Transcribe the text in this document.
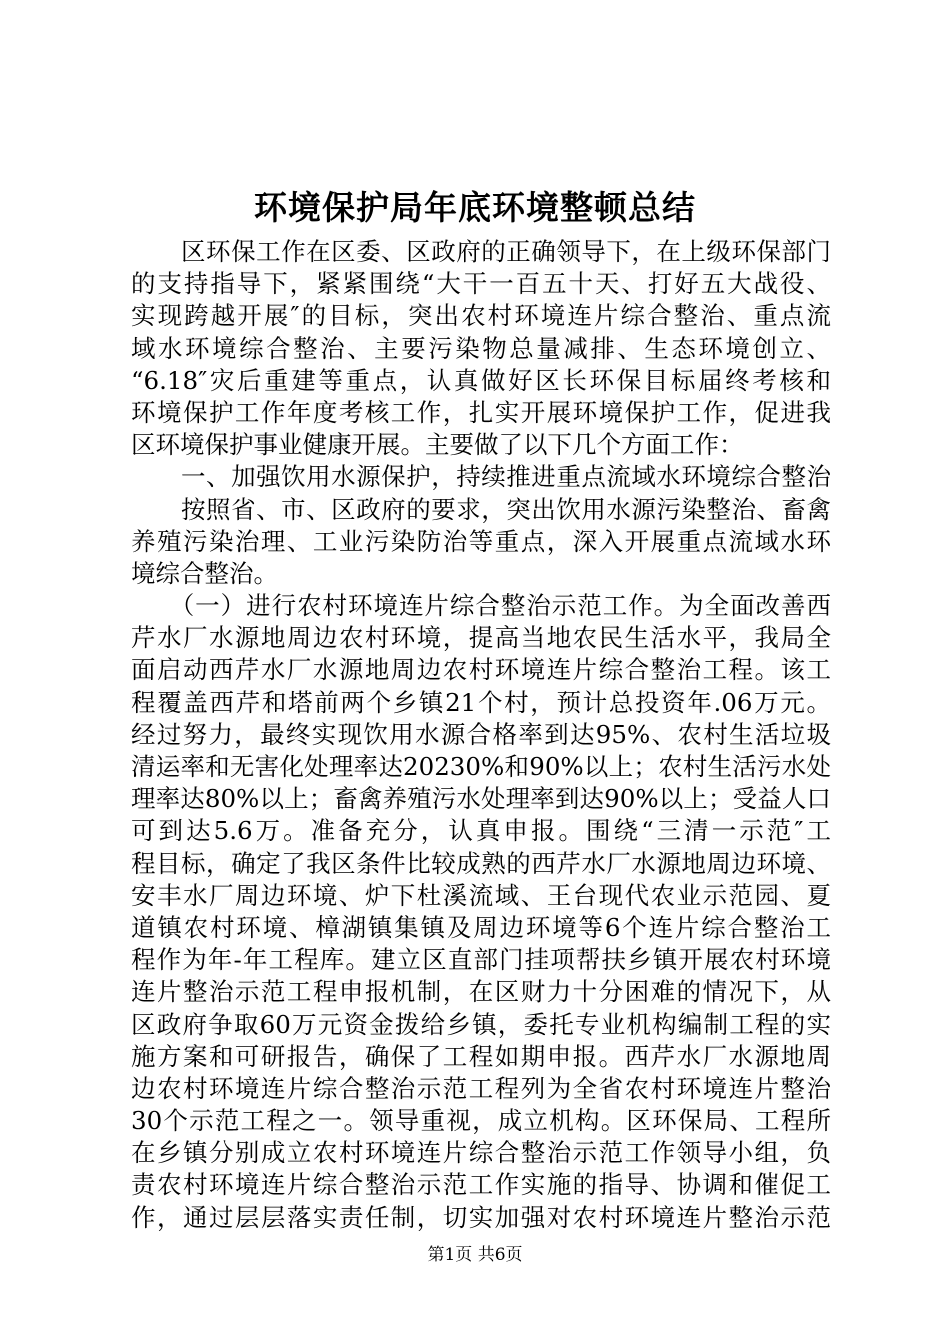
环境保护局年底环境整顿总结
　　区环保工作在区委、区政府的正确领导下，在上级环保部门
的支持指导下，紧紧围绕“大干一百五十天、打好五大战役、
实现跨越开展″的目标，突出农村环境连片综合整治、重点流
域水环境综合整治、主要污染物总量减排、生态环境创立、
“6.18″灾后重建等重点，认真做好区长环保目标届终考核和
环境保护工作年度考核工作，扎实开展环境保护工作，促进我
区环境保护事业健康开展。主要做了以下几个方面工作：
　　一、加强饮用水源保护，持续推进重点流域水环境综合整治
　　按照省、市、区政府的要求，突出饮用水源污染整治、畜禽
养殖污染治理、工业污染防治等重点，深入开展重点流域水环
境综合整治。
　　（一）进行农村环境连片综合整治示范工作。为全面改善西
芹水厂水源地周边农村环境，提高当地农民生活水平，我局全
面启动西芹水厂水源地周边农村环境连片综合整治工程。该工
程覆盖西芹和塔前两个乡镇21个村，预计总投资年.06万元。
经过努力，最终实现饮用水源合格率到达95%、农村生活垃圾
清运率和无害化处理率达20230%和90%以上；农村生活污水处
理率达80%以上；畜禽养殖污水处理率到达90%以上；受益人口
可到达5.6万。准备充分，认真申报。围绕“三清一示范″工
程目标，确定了我区条件比较成熟的西芹水厂水源地周边环境、
安丰水厂周边环境、炉下杜溪流域、王台现代农业示范园、夏
道镇农村环境、樟湖镇集镇及周边环境等6个连片综合整治工
程作为年-年工程库。建立区直部门挂项帮扶乡镇开展农村环境
连片整治示范工程申报机制，在区财力十分困难的情况下，从
区政府争取60万元资金拨给乡镇，委托专业机构编制工程的实
施方案和可研报告，确保了工程如期申报。西芹水厂水源地周
边农村环境连片综合整治示范工程列为全省农村环境连片整治
30个示范工程之一。领导重视，成立机构。区环保局、工程所
在乡镇分别成立农村环境连片综合整治示范工作领导小组，负
责农村环境连片综合整治示范工作实施的指导、协调和催促工
作，通过层层落实责任制，切实加强对农村环境连片整治示范
第1页 共6页
